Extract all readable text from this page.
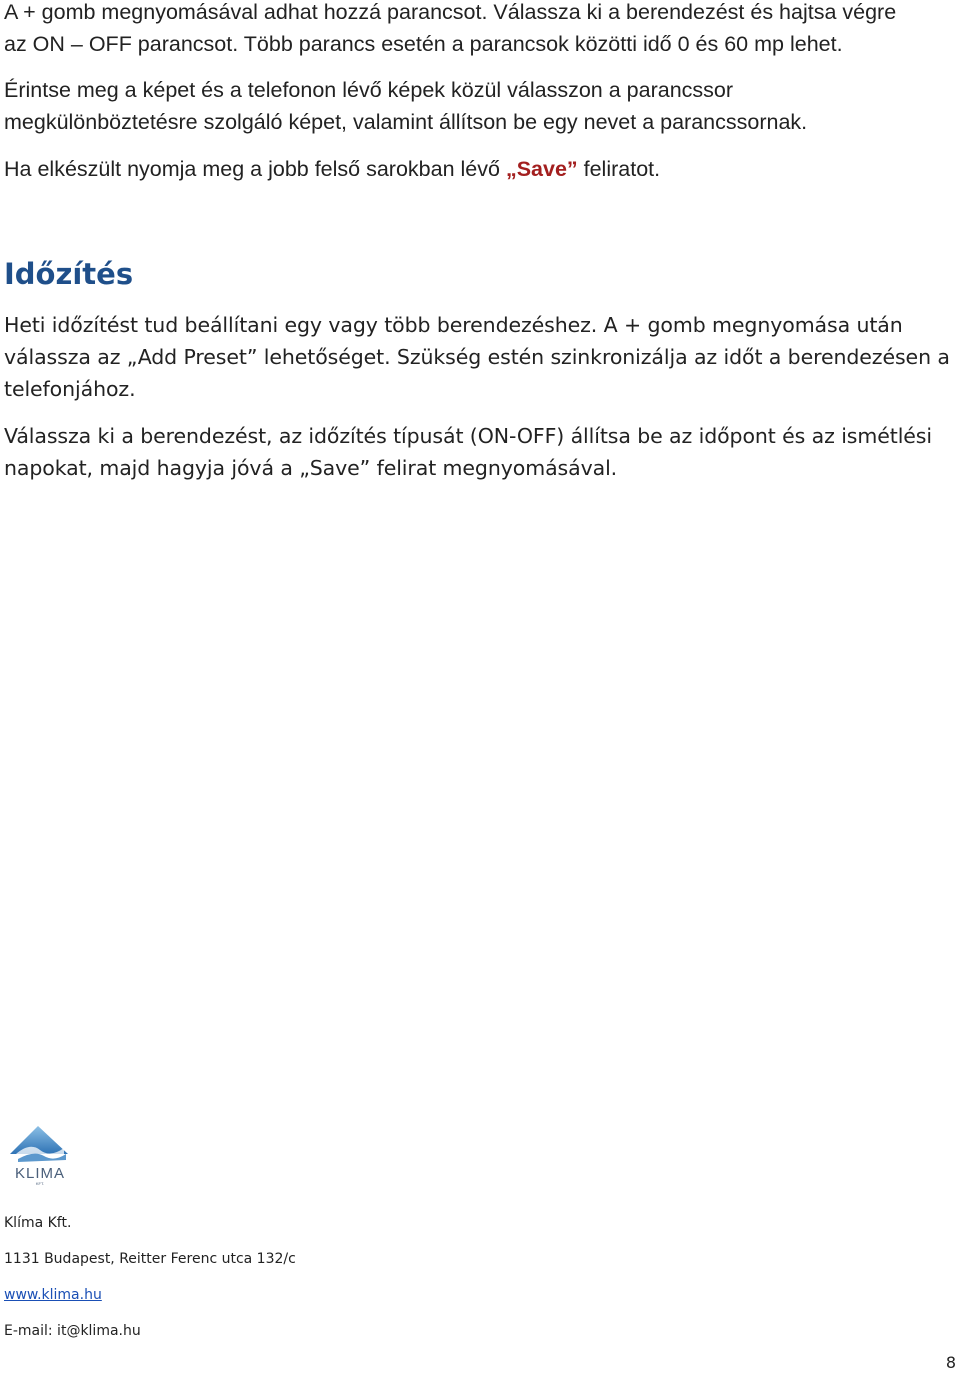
A + gomb megnyomásával adhat hozzá parancsot. Válassza ki a berendezést és hajtsa végre
az ON – OFF parancsot. Több parancs esetén a parancsok közötti idő 0 és 60 mp lehet.

Érintse meg a képet és a telefonon lévő képek közül válasszon a parancssor
megkülönböztetésre szolgáló képet, valamint állítson be egy nevet a parancssornak.

Ha elkészült nyomja meg a jobb felső sarokban lévő „Save” feliratot.

Időzítés

Heti időzítést tud beállítani egy vagy több berendezéshez. A + gomb megnyomása után
válassza az „Add Preset” lehetőséget. Szükség estén szinkronizálja az időt a berendezésen a
telefonjához.

Válassza ki a berendezést, az időzítés típusát (ON-OFF) állítsa be az időpont és az ismétlési
napokat, majd hagyja jóvá a „Save” felirat megnyomásával.

KLIMA
KFT.

Klíma Kft.

1131 Budapest, Reitter Ferenc utca 132/c

www.klima.hu

E-mail: it@klima.hu

8
